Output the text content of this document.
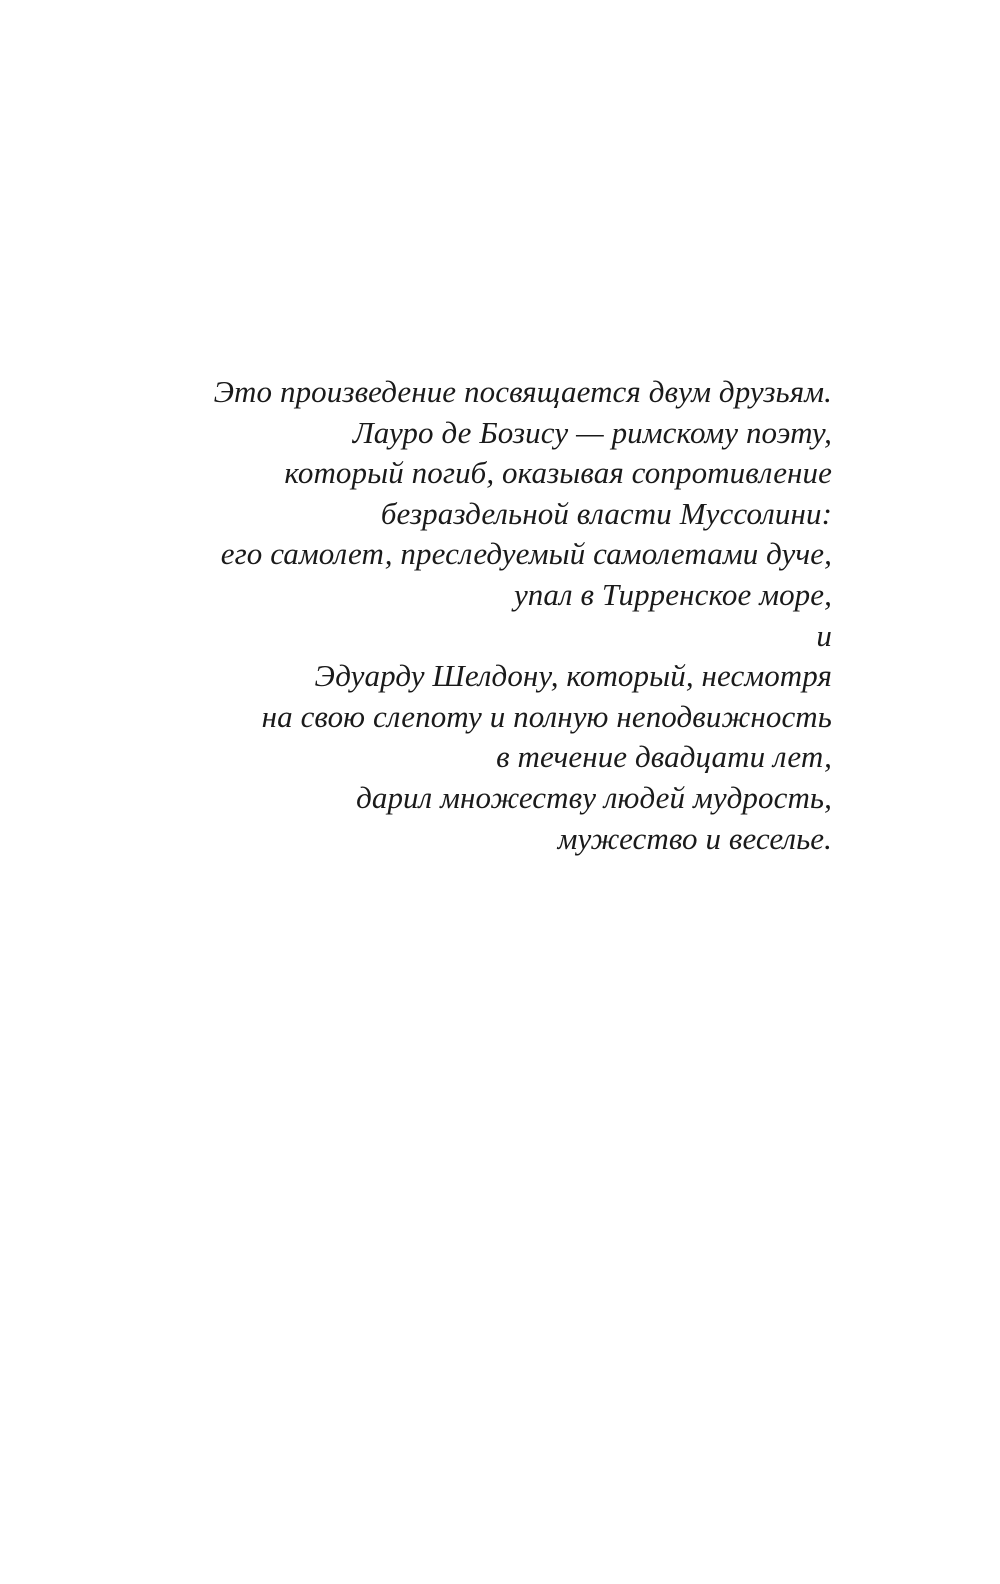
Это произведение посвящается двум друзьям.
Лауро де Бозису — римскому поэту,
который погиб, оказывая сопротивление
безраздельной власти Муссолини:
его самолет, преследуемый самолетами дуче,
упал в Тирренское море,
и
Эдуарду Шелдону, который, несмотря
на свою слепоту и полную неподвижность
в течение двадцати лет,
дарил множеству людей мудрость,
мужество и веселье.
